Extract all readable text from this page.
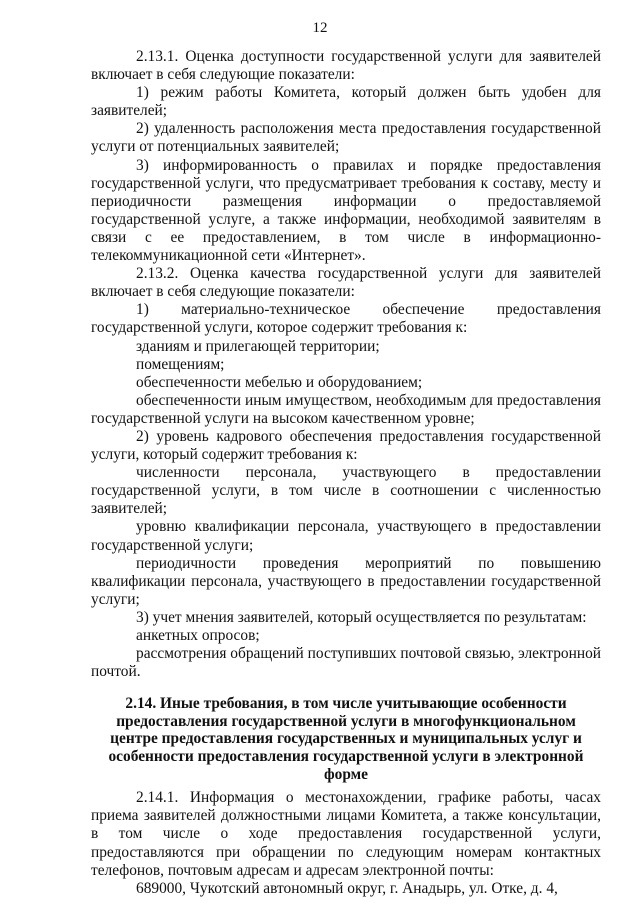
12

2.13.1. Оценка доступности государственной услуги для заявителей включает в себя следующие показатели:

1) режим работы Комитета, который должен быть удобен для заявителей;

2) удаленность расположения места предоставления государственной услуги от потенциальных заявителей;

3) информированность о правилах и порядке предоставления государственной услуги, что предусматривает требования к составу, месту и периодичности размещения информации о предоставляемой государственной услуге, а также информации, необходимой заявителям в связи с ее предоставлением, в том числе в информационно-телекоммуникационной сети «Интернет».

2.13.2. Оценка качества государственной услуги для заявителей включает в себя следующие показатели:

1) материально-техническое обеспечение предоставления государственной услуги, которое содержит требования к:

зданиям и прилегающей территории;

помещениям;

обеспеченности мебелью и оборудованием;

обеспеченности иным имуществом, необходимым для предоставления государственной услуги на высоком качественном уровне;

2) уровень кадрового обеспечения предоставления государственной услуги, который содержит требования к:

численности персонала, участвующего в предоставлении государственной услуги, в том числе в соотношении с численностью заявителей;

уровню квалификации персонала, участвующего в предоставлении государственной услуги;

периодичности проведения мероприятий по повышению квалификации персонала, участвующего в предоставлении государственной услуги;

3) учет мнения заявителей, который осуществляется по результатам:

анкетных опросов;

рассмотрения обращений поступивших почтовой связью, электронной почтой.

2.14. Иные требования, в том числе учитывающие особенности предоставления государственной услуги в многофункциональном центре предоставления государственных и муниципальных услуг и особенности предоставления государственной услуги в электронной форме

2.14.1. Информация о местонахождении, графике работы, часах приема заявителей должностными лицами Комитета, а также консультации, в том числе о ходе предоставления государственной услуги, предоставляются при обращении по следующим номерам контактных телефонов, почтовым адресам и адресам электронной почты:

689000, Чукотский автономный округ, г. Анадырь, ул. Отке, д. 4,
